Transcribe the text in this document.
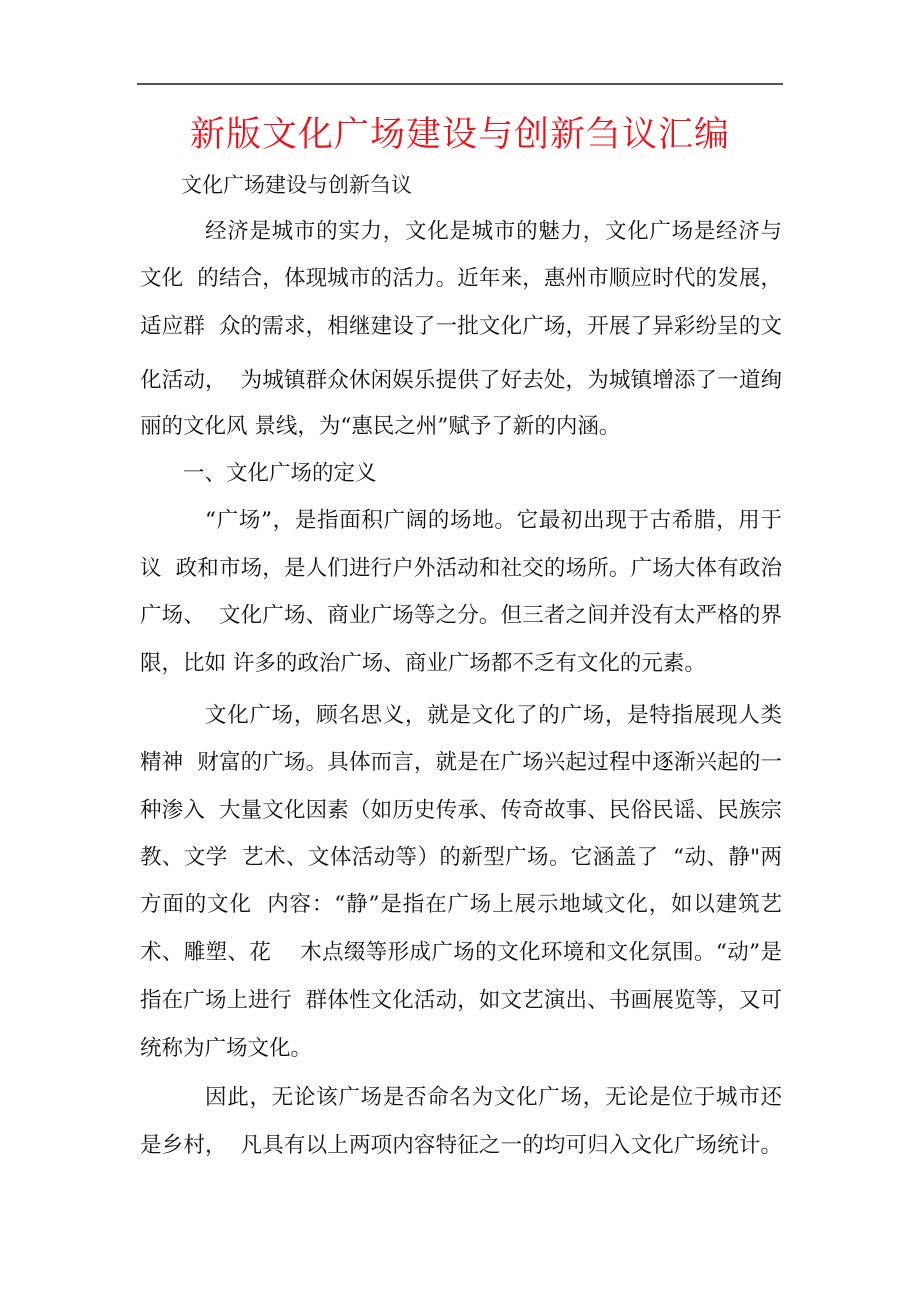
新版文化广场建设与创新刍议汇编
文化广场建设与创新刍议
经济是城市的实力，文化是城市的魅力，文化广场是经济与
文化  的结合，体现城市的活力。近年来，惠州市顺应时代的发展，
适应群  众的需求，相继建设了一批文化广场，开展了异彩纷呈的文
化活动，  为城镇群众休闲娱乐提供了好去处，为城镇增添了一道绚
丽的文化风 景线，为“惠民之州”赋予了新的内涵。
一、文化广场的定义
“广场”，是指面积广阔的场地。它最初出现于古希腊，用于
议  政和市场，是人们进行户外活动和社交的场所。广场大体有政治
广场、  文化广场、商业广场等之分。但三者之间并没有太严格的界
限，比如 许多的政治广场、商业广场都不乏有文化的元素。
文化广场，顾名思义，就是文化了的广场，是特指展现人类
精神  财富的广场。具体而言，就是在广场兴起过程中逐渐兴起的一
种渗入  大量文化因素（如历史传承、传奇故事、民俗民谣、民族宗
教、文学  艺术、文体活动等）的新型广场。它涵盖了  “动、静"两
方面的文化  内容：“静”是指在广场上展示地域文化，如以建筑艺
术、雕塑、花    木点缀等形成广场的文化环境和文化氛围。“动”是
指在广场上进行  群体性文化活动，如文艺演出、书画展览等，又可
统称为广场文化。
因此，无论该广场是否命名为文化广场，无论是位于城市还
是乡村，  凡具有以上两项内容特征之一的均可归入文化广场统计。
